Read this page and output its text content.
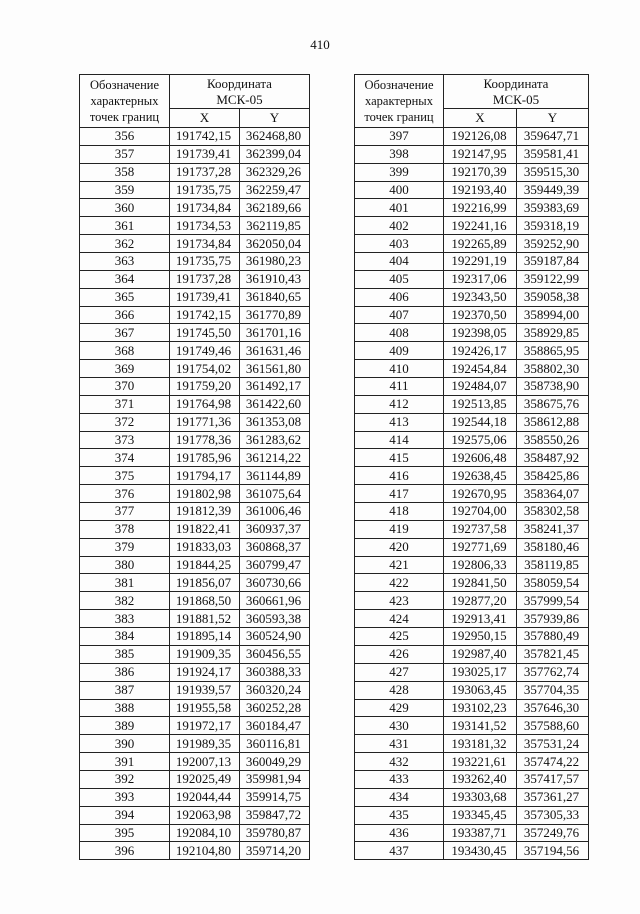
410
Обозначение
характерных
точек границ	Координата
МСК-05	
	X	Y
356	191742,15	362468,80
357	191739,41	362399,04
358	191737,28	362329,26
359	191735,75	362259,47
360	191734,84	362189,66
361	191734,53	362119,85
362	191734,84	362050,04
363	191735,75	361980,23
364	191737,28	361910,43
365	191739,41	361840,65
366	191742,15	361770,89
367	191745,50	361701,16
368	191749,46	361631,46
369	191754,02	361561,80
370	191759,20	361492,17
371	191764,98	361422,60
372	191771,36	361353,08
373	191778,36	361283,62
374	191785,96	361214,22
375	191794,17	361144,89
376	191802,98	361075,64
377	191812,39	361006,46
378	191822,41	360937,37
379	191833,03	360868,37
380	191844,25	360799,47
381	191856,07	360730,66
382	191868,50	360661,96
383	191881,52	360593,38
384	191895,14	360524,90
385	191909,35	360456,55
386	191924,17	360388,33
387	191939,57	360320,24
388	191955,58	360252,28
389	191972,17	360184,47
390	191989,35	360116,81
391	192007,13	360049,29
392	192025,49	359981,94
393	192044,44	359914,75
394	192063,98	359847,72
395	192084,10	359780,87
396	192104,80	359714,20
Обозначение
характерных
точек границ	Координата
МСК-05	
	X	Y
397	192126,08	359647,71
398	192147,95	359581,41
399	192170,39	359515,30
400	192193,40	359449,39
401	192216,99	359383,69
402	192241,16	359318,19
403	192265,89	359252,90
404	192291,19	359187,84
405	192317,06	359122,99
406	192343,50	359058,38
407	192370,50	358994,00
408	192398,05	358929,85
409	192426,17	358865,95
410	192454,84	358802,30
411	192484,07	358738,90
412	192513,85	358675,76
413	192544,18	358612,88
414	192575,06	358550,26
415	192606,48	358487,92
416	192638,45	358425,86
417	192670,95	358364,07
418	192704,00	358302,58
419	192737,58	358241,37
420	192771,69	358180,46
421	192806,33	358119,85
422	192841,50	358059,54
423	192877,20	357999,54
424	192913,41	357939,86
425	192950,15	357880,49
426	192987,40	357821,45
427	193025,17	357762,74
428	193063,45	357704,35
429	193102,23	357646,30
430	193141,52	357588,60
431	193181,32	357531,24
432	193221,61	357474,22
433	193262,40	357417,57
434	193303,68	357361,27
435	193345,45	357305,33
436	193387,71	357249,76
437	193430,45	357194,56
